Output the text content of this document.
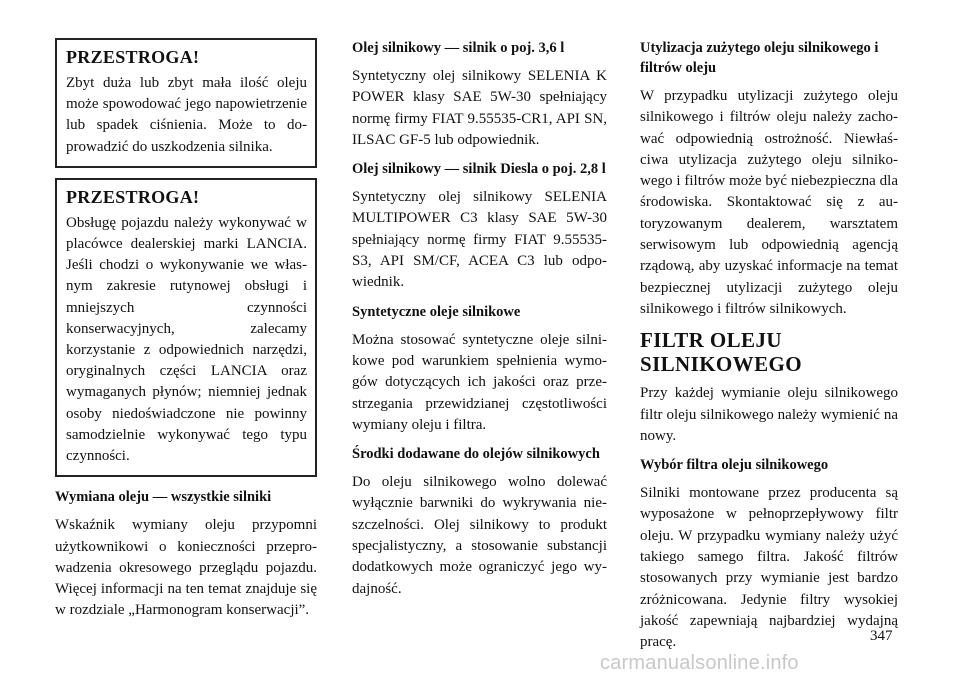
PRZESTROGA!

Zbyt duża lub zbyt mała ilość oleju może spowodować jego napowietrzenie lub spadek ciśnienia. Może to doprowadzić do uszkodzenia silnika.

PRZESTROGA!

Obsługę pojazdu należy wykonywać w placówce dealerskiej marki LANCIA. Jeśli chodzi o wykonywanie we własnym zakresie rutynowej obsługi i mniejszych czynności konserwacyjnych, zalecamy korzystanie z odpowiednich narzędzi, oryginalnych części LANCIA oraz wymaganych płynów; niemniej jednak osoby niedoświadczone nie powinny samodzielnie wykonywać tego typu czynności.

Wymiana oleju — wszystkie silniki

Wskaźnik wymiany oleju przypomni użytkownikowi o konieczności przeprowadzenia okresowego przeglądu pojazdu. Więcej informacji na ten temat znajduje się w rozdziale „Harmonogram konserwacji”.

Olej silnikowy — silnik o poj. 3,6 l

Syntetyczny olej silnikowy SELENIA K POWER klasy SAE 5W-30 spełniający normę firmy FIAT 9.55535-CR1, API SN, ILSAC GF-5 lub odpowiednik.

Olej silnikowy — silnik Diesla o poj. 2,8 l

Syntetyczny olej silnikowy SELENIA MULTIPOWER C3 klasy SAE 5W-30 spełniający normę firmy FIAT 9.55535-S3, API SM/CF, ACEA C3 lub odpowiednik.

Syntetyczne oleje silnikowe

Można stosować syntetyczne oleje silnikowe pod warunkiem spełnienia wymogów dotyczących ich jakości oraz przestrzegania przewidzianej częstotliwości wymiany oleju i filtra.

Środki dodawane do olejów silnikowych

Do oleju silnikowego wolno dolewać wyłącznie barwniki do wykrywania nieszczelności. Olej silnikowy to produkt specjalistyczny, a stosowanie substancji dodatkowych może ograniczyć jego wydajność.

Utylizacja zużytego oleju silnikowego i filtrów oleju

W przypadku utylizacji zużytego oleju silnikowego i filtrów oleju należy zachować odpowiednią ostrożność. Niewłaściwa utylizacja zużytego oleju silnikowego i filtrów może być niebezpieczna dla środowiska. Skontaktować się z autoryzowanym dealerem, warsztatem serwisowym lub odpowiednią agencją rządową, aby uzyskać informacje na temat bezpiecznej utylizacji zużytego oleju silnikowego i filtrów silnikowych.

FILTR OLEJU SILNIKOWEGO

Przy każdej wymianie oleju silnikowego filtr oleju silnikowego należy wymienić na nowy.

Wybór filtra oleju silnikowego

Silniki montowane przez producenta są wyposażone w pełnoprzepływowy filtr oleju. W przypadku wymiany należy użyć takiego samego filtra. Jakość filtrów stosowanych przy wymianie jest bardzo zróżnicowana. Jedynie filtry wysokiej jakość zapewniają najbardziej wydajną pracę.	347
carmanualsonline.info
